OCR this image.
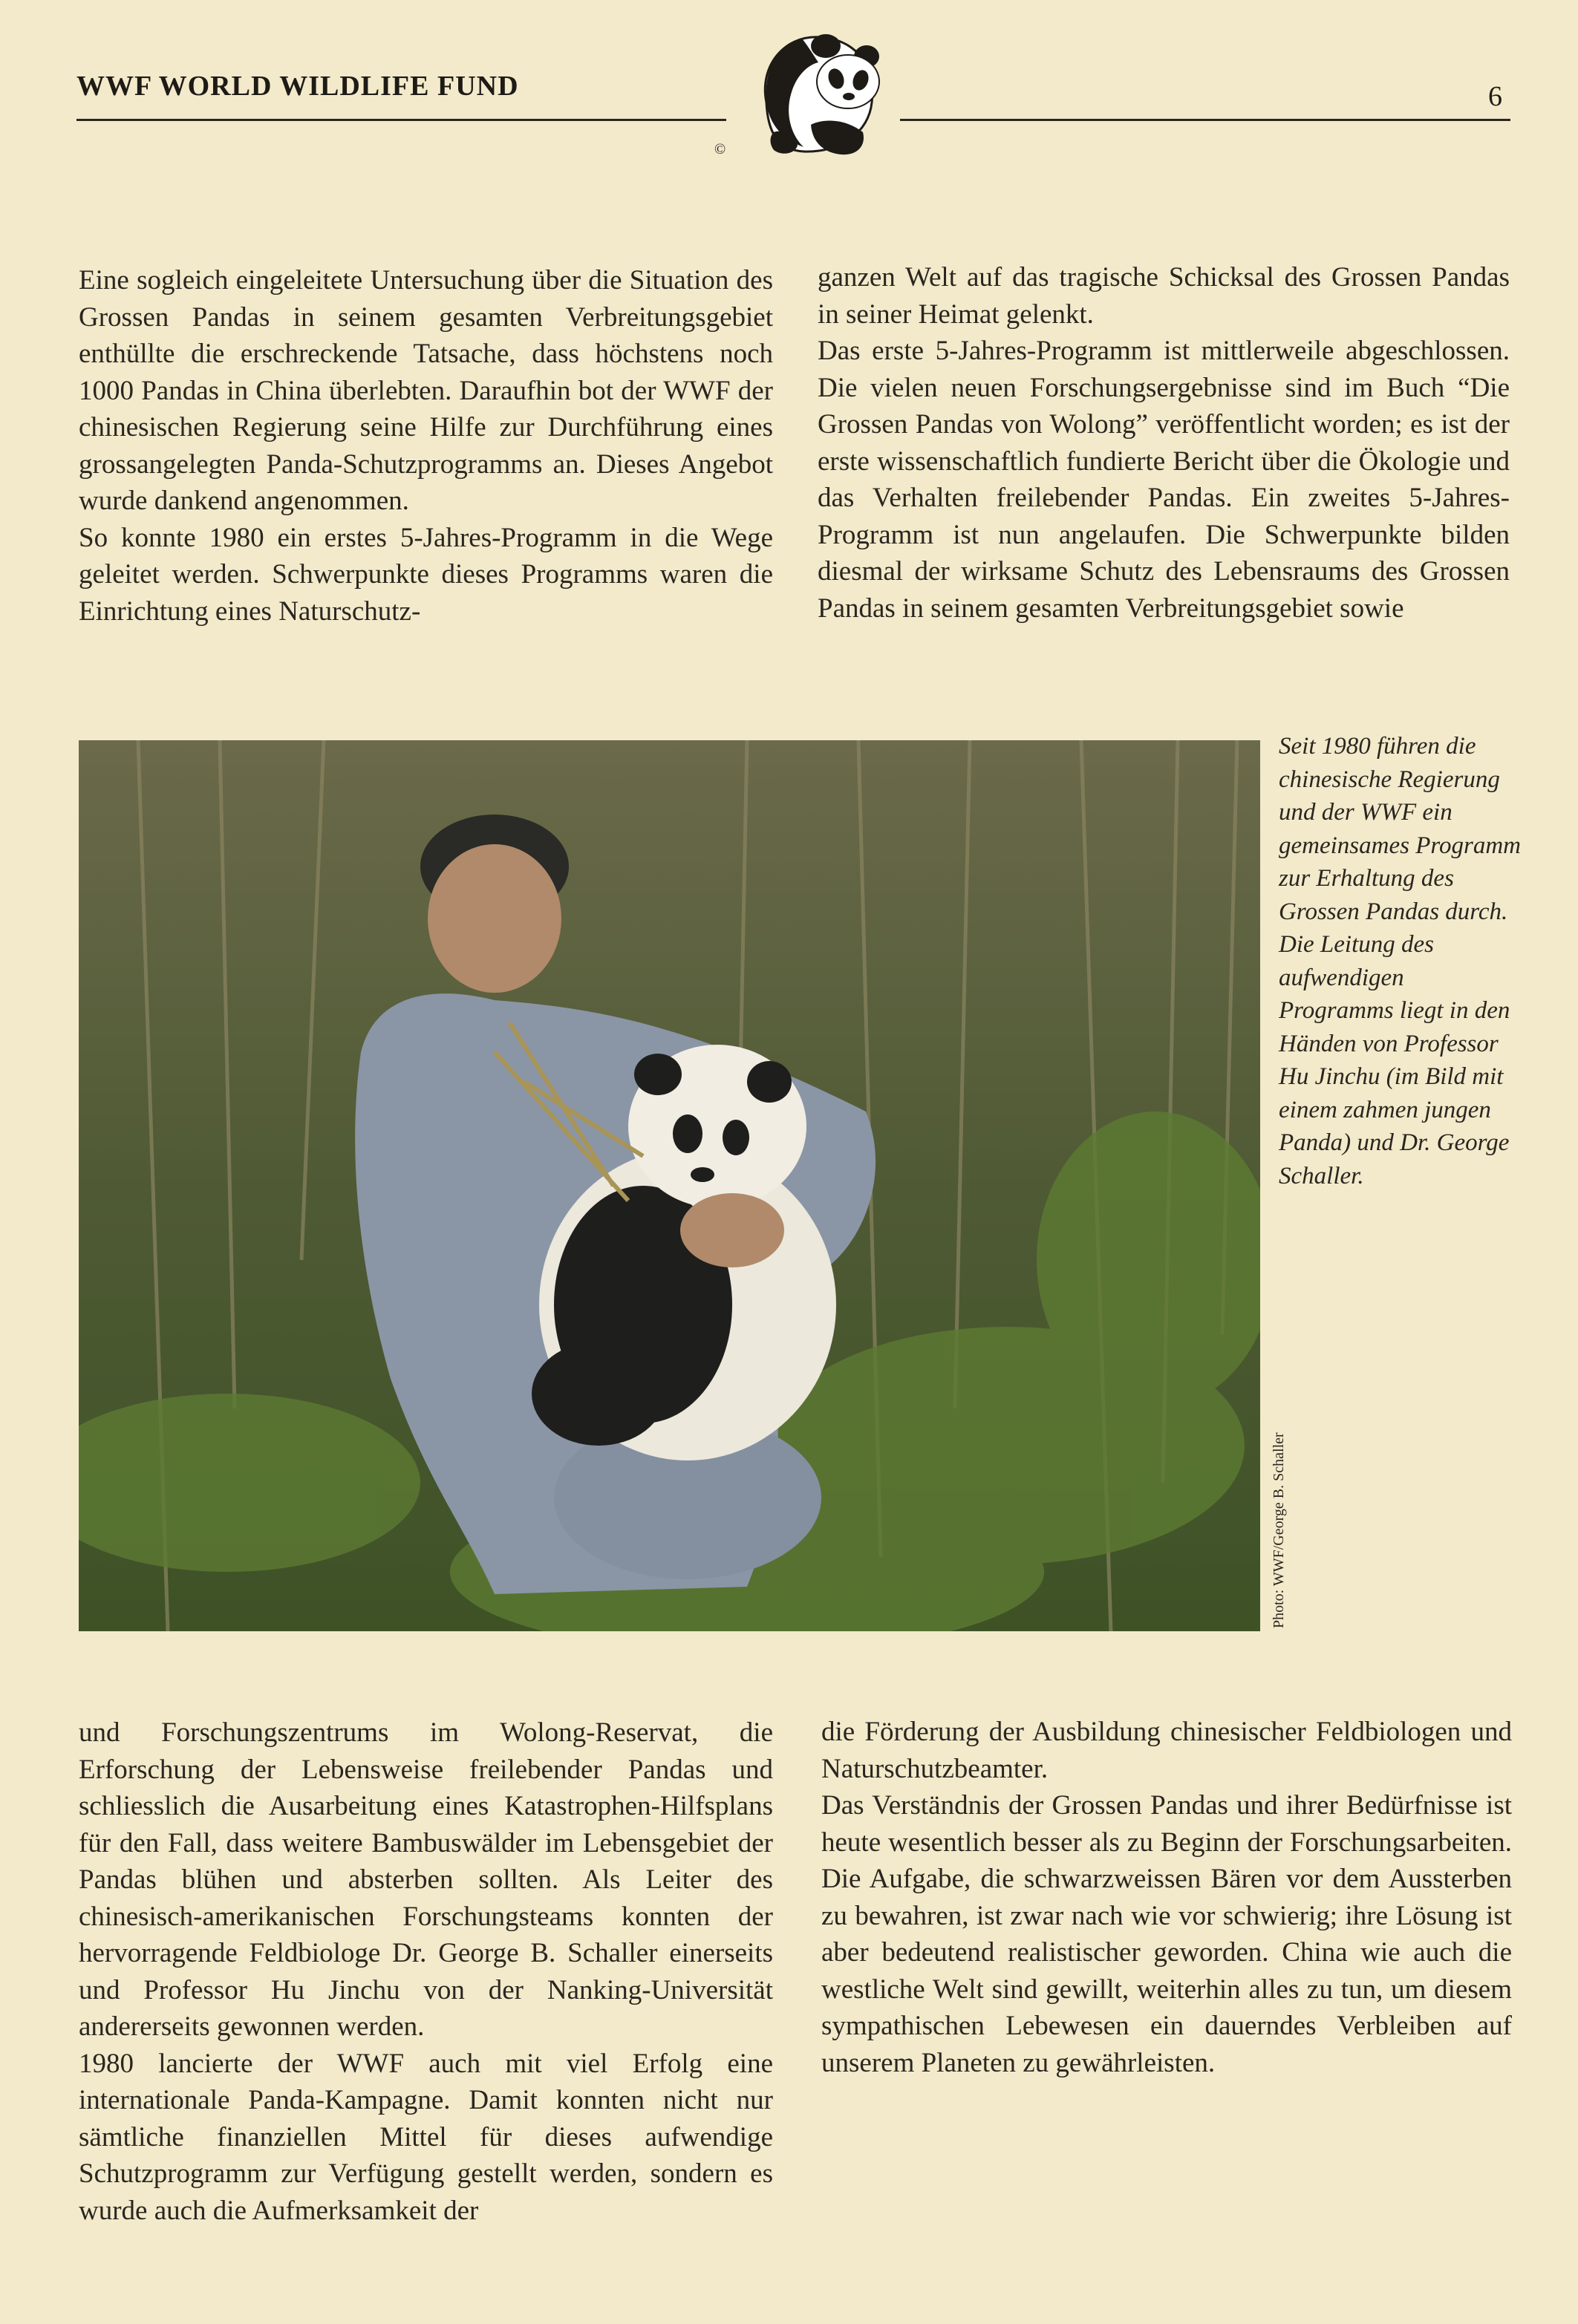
WWF WORLD WILDLIFE FUND
©
6

Eine sogleich eingeleitete Untersuchung über die Situation des Grossen Pandas in seinem gesamten Verbreitungsgebiet enthüllte die erschreckende Tatsache, dass höchstens noch 1000 Pandas in China überlebten. Daraufhin bot der WWF der chinesischen Regierung seine Hilfe zur Durchführung eines grossangelegten Panda-Schutzprogramms an. Dieses Angebot wurde dankend angenommen.

So konnte 1980 ein erstes 5-Jahres-Programm in die Wege geleitet werden. Schwerpunkte dieses Programms waren die Einrichtung eines Naturschutz-

ganzen Welt auf das tragische Schicksal des Grossen Pandas in seiner Heimat gelenkt.

Das erste 5-Jahres-Programm ist mittlerweile abgeschlossen. Die vielen neuen Forschungsergebnisse sind im Buch “Die Grossen Pandas von Wolong” veröffentlicht worden; es ist der erste wissenschaftlich fundierte Bericht über die Ökologie und das Verhalten freilebender Pandas. Ein zweites 5-Jahres-Programm ist nun angelaufen. Die Schwerpunkte bilden diesmal der wirksame Schutz des Lebensraums des Grossen Pandas in seinem gesamten Verbreitungsgebiet sowie

Seit 1980 führen die chinesische Regierung und der WWF ein gemeinsames Programm zur Erhaltung des Grossen Pandas durch. Die Leitung des aufwendigen Programms liegt in den Händen von Professor Hu Jinchu (im Bild mit einem zahmen jungen Panda) und Dr. George Schaller.
Photo: WWF/George B. Schaller

und Forschungszentrums im Wolong-Reservat, die Erforschung der Lebensweise freilebender Pandas und schliesslich die Ausarbeitung eines Katastrophen-Hilfsplans für den Fall, dass weitere Bambuswälder im Lebensgebiet der Pandas blühen und absterben sollten. Als Leiter des chinesisch-amerikanischen Forschungsteams konnten der hervorragende Feldbiologe Dr. George B. Schaller einerseits und Professor Hu Jinchu von der Nanking-Universität andererseits gewonnen werden.

1980 lancierte der WWF auch mit viel Erfolg eine internationale Panda-Kampagne. Damit konnten nicht nur sämtliche finanziellen Mittel für dieses aufwendige Schutzprogramm zur Verfügung gestellt werden, sondern es wurde auch die Aufmerksamkeit der

die Förderung der Ausbildung chinesischer Feldbiologen und Naturschutzbeamter.

Das Verständnis der Grossen Pandas und ihrer Bedürfnisse ist heute wesentlich besser als zu Beginn der Forschungsarbeiten. Die Aufgabe, die schwarzweissen Bären vor dem Aussterben zu bewahren, ist zwar nach wie vor schwierig; ihre Lösung ist aber bedeutend realistischer geworden. China wie auch die westliche Welt sind gewillt, weiterhin alles zu tun, um diesem sympathischen Lebewesen ein dauerndes Verbleiben auf unserem Planeten zu gewährleisten.
